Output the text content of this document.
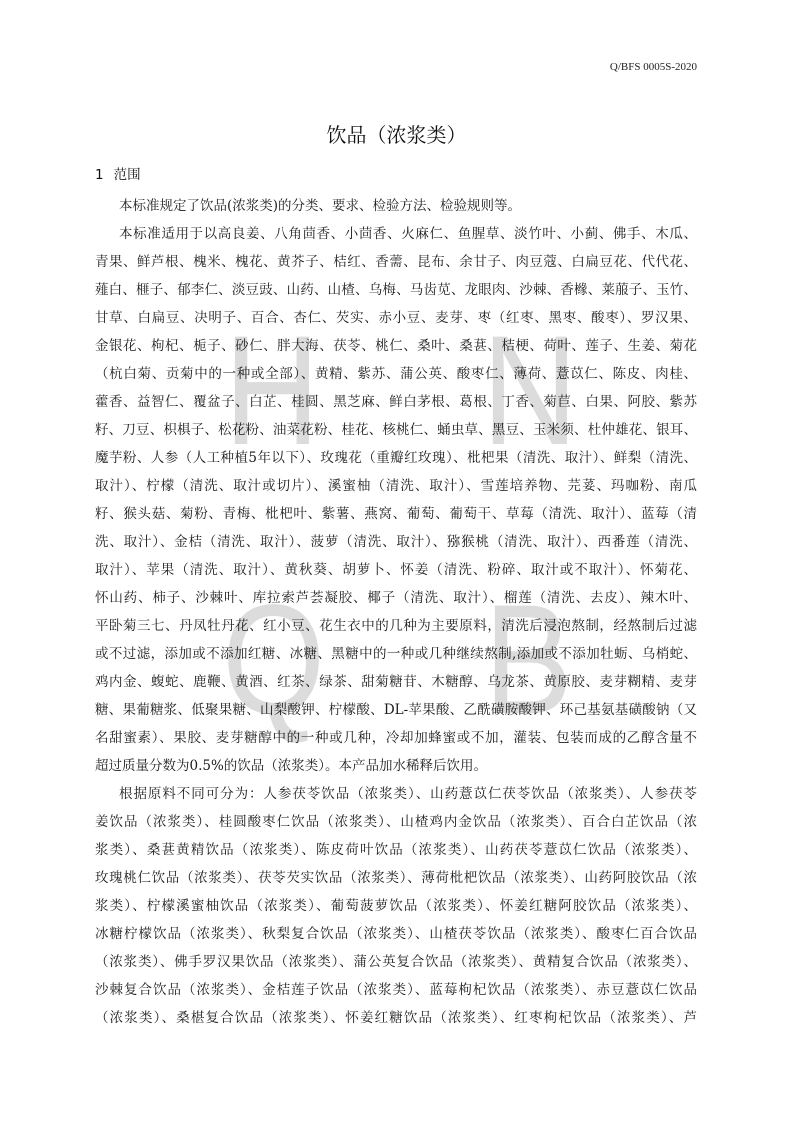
H N
Q B
Q/BFS 0005S-2020
饮品（浓浆类）
1 范围
本标准规定了饮品(浓浆类)的分类、要求、检验方法、检验规则等。
本标准适用于以高良姜、八角茴香、小茴香、火麻仁、鱼腥草、淡竹叶、小蓟、佛手、木瓜、
青果、鲜芦根、槐米、槐花、黄芥子、桔红、香薷、昆布、余甘子、肉豆蔻、白扁豆花、代代花、
薤白、榧子、郁李仁、淡豆豉、山药、山楂、乌梅、马齿苋、龙眼肉、沙棘、香橼、莱菔子、玉竹、
甘草、白扁豆、决明子、百合、杏仁、芡实、赤小豆、麦芽、枣（红枣、黑枣、酸枣）、罗汉果、
金银花、枸杞、栀子、砂仁、胖大海、茯苓、桃仁、桑叶、桑葚、桔梗、荷叶、莲子、生姜、菊花
（杭白菊、贡菊中的一种或全部）、黄精、紫苏、蒲公英、酸枣仁、薄荷、薏苡仁、陈皮、肉桂、
藿香、益智仁、覆盆子、白芷、桂圆、黑芝麻、鲜白茅根、葛根、丁香、菊苣、白果、阿胶、紫苏
籽、刀豆、枳椇子、松花粉、油菜花粉、桂花、核桃仁、蛹虫草、黑豆、玉米须、杜仲雄花、银耳、
魔芋粉、人参（人工种植5年以下）、玫瑰花（重瓣红玫瑰）、枇杷果（清洗、取汁）、鲜梨（清洗、
取汁）、柠檬（清洗、取汁或切片）、溪蜜柚（清洗、取汁）、雪莲培养物、芫荽、玛咖粉、南瓜
籽、猴头菇、菊粉、青梅、枇杷叶、紫薯、燕窝、葡萄、葡萄干、草莓（清洗、取汁）、蓝莓（清
洗、取汁）、金桔（清洗、取汁）、菠萝（清洗、取汁）、猕猴桃（清洗、取汁）、西番莲（清洗、
取汁）、苹果（清洗、取汁）、黄秋葵、胡萝卜、怀姜（清洗、粉碎、取汁或不取汁）、怀菊花、
怀山药、柿子、沙棘叶、库拉索芦荟凝胶、椰子（清洗、取汁）、榴莲（清洗、去皮）、辣木叶、
平卧菊三七、丹凤牡丹花、红小豆、花生衣中的几种为主要原料，清洗后浸泡熬制，经熬制后过滤
或不过滤，添加或不添加红糖、冰糖、黑糖中的一种或几种继续熬制,添加或不添加牡蛎、乌梢蛇、
鸡内金、蝮蛇、鹿鞭、黄酒、红茶、绿茶、甜菊糖苷、木糖醇、乌龙茶、黄原胶、麦芽糊精、麦芽
糖、果葡糖浆、低聚果糖、山梨酸钾、柠檬酸、DL-苹果酸、乙酰磺胺酸钾、环己基氨基磺酸钠（又
名甜蜜素）、果胶、麦芽糖醇中的一种或几种，冷却加蜂蜜或不加，灌装、包装而成的乙醇含量不
超过质量分数为0.5%的饮品（浓浆类）。本产品加水稀释后饮用。
根据原料不同可分为：人参茯苓饮品（浓浆类）、山药薏苡仁茯苓饮品（浓浆类）、人参茯苓
姜饮品（浓浆类）、桂圆酸枣仁饮品（浓浆类）、山楂鸡内金饮品（浓浆类）、百合白芷饮品（浓
浆类）、桑葚黄精饮品（浓浆类）、陈皮荷叶饮品（浓浆类）、山药茯苓薏苡仁饮品（浓浆类）、
玫瑰桃仁饮品（浓浆类）、茯苓芡实饮品（浓浆类）、薄荷枇杷饮品（浓浆类）、山药阿胶饮品（浓
浆类）、柠檬溪蜜柚饮品（浓浆类）、葡萄菠萝饮品（浓浆类）、怀姜红糖阿胶饮品（浓浆类）、
冰糖柠檬饮品（浓浆类）、秋梨复合饮品（浓浆类）、山楂茯苓饮品（浓浆类）、酸枣仁百合饮品
（浓浆类）、佛手罗汉果饮品（浓浆类）、蒲公英复合饮品（浓浆类）、黄精复合饮品（浓浆类）、
沙棘复合饮品（浓浆类）、金桔莲子饮品（浓浆类）、蓝莓枸杞饮品（浓浆类）、赤豆薏苡仁饮品
（浓浆类）、桑椹复合饮品（浓浆类）、怀姜红糖饮品（浓浆类）、红枣枸杞饮品（浓浆类）、芦
